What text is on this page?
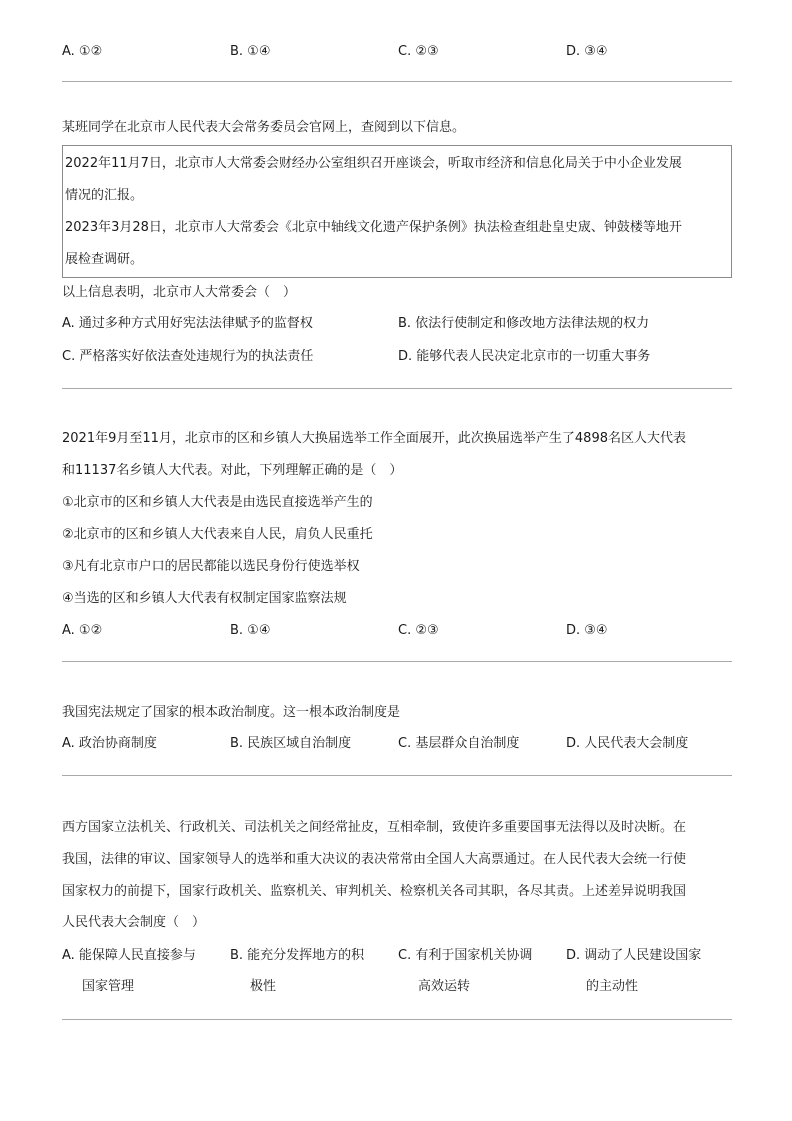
A. ①②	B. ①④	C. ②③	D. ③④
某班同学在北京市人民代表大会常务委员会官网上，查阅到以下信息。
2022年11月7日，北京市人大常委会财经办公室组织召开座谈会，听取市经济和信息化局关于中小企业发展
情况的汇报。
2023年3月28日，北京市人大常委会《北京中轴线文化遗产保护条例》执法检查组赴皇史宬、钟鼓楼等地开
展检查调研。
以上信息表明，北京市人大常委会（　）
A. 通过多种方式用好宪法法律赋予的监督权	B. 依法行使制定和修改地方法律法规的权力
C. 严格落实好依法查处违规行为的执法责任	D. 能够代表人民决定北京市的一切重大事务
2021年9月至11月，北京市的区和乡镇人大换届选举工作全面展开，此次换届选举产生了4898名区人大代表
和11137名乡镇人大代表。对此，下列理解正确的是（　）
①北京市的区和乡镇人大代表是由选民直接选举产生的
②北京市的区和乡镇人大代表来自人民，肩负人民重托
③凡有北京市户口的居民都能以选民身份行使选举权
④当选的区和乡镇人大代表有权制定国家监察法规
A. ①②	B. ①④	C. ②③	D. ③④
我国宪法规定了国家的根本政治制度。这一根本政治制度是
A. 政治协商制度	B. 民族区域自治制度	C. 基层群众自治制度	D. 人民代表大会制度
西方国家立法机关、行政机关、司法机关之间经常扯皮，互相牵制，致使许多重要国事无法得以及时决断。在
我国，法律的审议、国家领导人的选举和重大决议的表决常常由全国人大高票通过。在人民代表大会统一行使
国家权力的前提下，国家行政机关、监察机关、审判机关、检察机关各司其职，各尽其责。上述差异说明我国
人民代表大会制度（　）
A. 能保障人民直接参与
国家管理
B. 能充分发挥地方的积
极性
C. 有利于国家机关协调
高效运转
D. 调动了人民建设国家
的主动性
